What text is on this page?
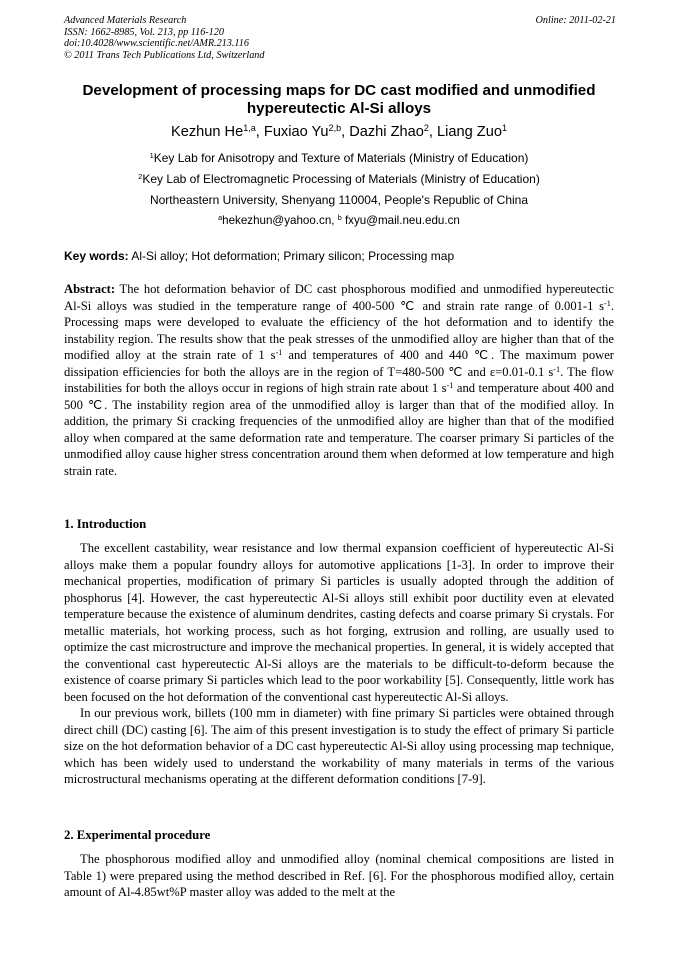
Advanced Materials Research
ISSN: 1662-8985, Vol. 213, pp 116-120
doi:10.4028/www.scientific.net/AMR.213.116
© 2011 Trans Tech Publications Ltd, Switzerland
Online: 2011-02-21
Development of processing maps for DC cast modified and unmodified
hypereutectic Al-Si alloys
Kezhun He$^{1,a}$, Fuxiao Yu$^{2,b}$, Dazhi Zhao$^2$, Liang Zuo$^1$
$^1$Key Lab for Anisotropy and Texture of Materials (Ministry of Education)
$^2$Key Lab of Electromagnetic Processing of Materials (Ministry of Education)
Northeastern University, Shenyang 110004, People's Republic of China
$^a$hekezhun@yahoo.cn, $^b$ fxyu@mail.neu.edu.cn
Key words: Al-Si alloy; Hot deformation; Primary silicon; Processing map

Abstract: The hot deformation behavior of DC cast phosphorous modified and unmodified hypereutectic Al-Si alloys was studied in the temperature range of 400-500 ℃ and strain rate range of 0.001-1 $s^{-1}$. Processing maps were developed to evaluate the efficiency of the hot deformation and to identify the instability region. The results show that the peak stresses of the unmodified alloy are higher than that of the modified alloy at the strain rate of 1 $s^{-1}$ and temperatures of 400 and 440 ℃. The maximum power dissipation efficiencies for both the alloys are in the region of T=480-500 ℃ and ε=0.01-0.1 $s^{-1}$. The flow instabilities for both the alloys occur in regions of high strain rate about 1 $s^{-1}$ and temperature about 400 and 500 ℃. The instability region area of the unmodified alloy is larger than that of the modified alloy. In addition, the primary Si cracking frequencies of the unmodified alloy are higher than that of the modified alloy when compared at the same deformation rate and temperature. The coarser primary Si particles of the unmodified alloy cause higher stress concentration around them when deformed at low temperature and high strain rate.

1. Introduction

The excellent castability, wear resistance and low thermal expansion coefficient of hypereutectic Al-Si alloys make them a popular foundry alloys for automotive applications [1-3]. In order to improve their mechanical properties, modification of primary Si particles is usually adopted through the addition of phosphorus [4]. However, the cast hypereutectic Al-Si alloys still exhibit poor ductility even at elevated temperature because the existence of aluminum dendrites, casting defects and coarse primary Si crystals. For metallic materials, hot working process, such as hot forging, extrusion and rolling, are usually used to optimize the cast microstructure and improve the mechanical properties. In general, it is widely accepted that the conventional cast hypereutectic Al-Si alloys are the materials to be difficult-to-deform because the existence of coarse primary Si particles which lead to the poor workability [5]. Consequently, little work has been focused on the hot deformation of the conventional cast hypereutectic Al-Si alloys.

In our previous work, billets (100 mm in diameter) with fine primary Si particles were obtained through direct chill (DC) casting [6]. The aim of this present investigation is to study the effect of primary Si particle size on the hot deformation behavior of a DC cast hypereutectic Al-Si alloy using processing map technique, which has been widely used to understand the workability of many materials in terms of the various microstructural mechanisms operating at the different deformation conditions [7-9].

2. Experimental procedure

The phosphorous modified alloy and unmodified alloy (nominal chemical compositions are listed in Table 1) were prepared using the method described in Ref. [6]. For the phosphorous modified alloy, certain amount of Al-4.85wt%P master alloy was added to the melt at the
